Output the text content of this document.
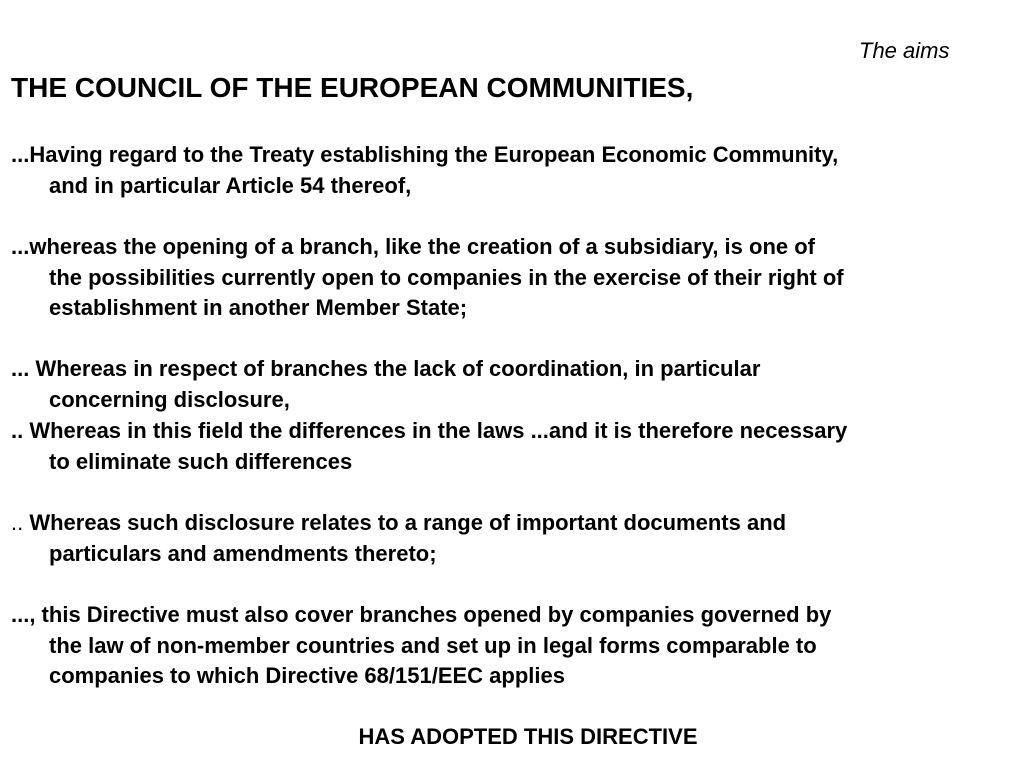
The aims
THE COUNCIL OF THE EUROPEAN COMMUNITIES,
...Having regard to the Treaty establishing the European Economic Community,
and in particular Article 54 thereof,
...whereas the opening of a branch, like the creation of a subsidiary, is one of
the possibilities currently open to companies in the exercise of their right of
establishment in another Member State;
... Whereas in respect of branches the lack of coordination, in particular
concerning disclosure,
.. Whereas in this field the differences in the laws ...and it is therefore necessary
to eliminate such differences
.. Whereas such disclosure relates to a range of important documents and
particulars and amendments thereto;
..., this Directive must also cover branches opened by companies governed by
the law of non-member countries and set up in legal forms comparable to
companies to which Directive 68/151/EEC applies
HAS ADOPTED THIS DIRECTIVE
